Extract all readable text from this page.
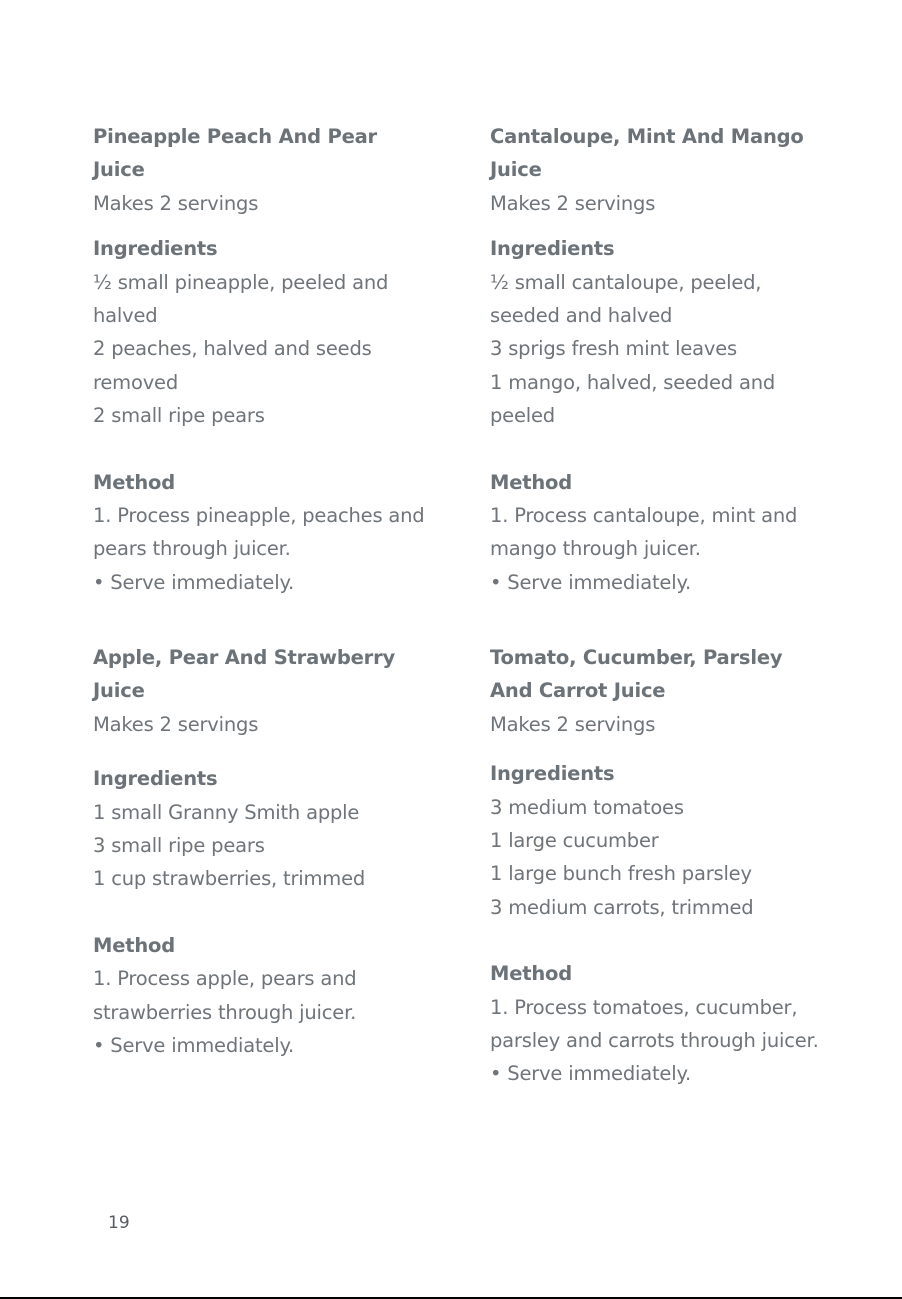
Pineapple Peach And Pear
Juice
Makes 2 servings
Ingredients
½ small pineapple, peeled and
halved
2 peaches, halved and seeds
removed
2 small ripe pears
Method
1. Process pineapple, peaches and
pears through juicer.
• Serve immediately.
Cantaloupe, Mint And Mango
Juice
Makes 2 servings
Ingredients
½ small cantaloupe, peeled,
seeded and halved
3 sprigs fresh mint leaves
1 mango, halved, seeded and
peeled
Method
1. Process cantaloupe, mint and
mango through juicer.
• Serve immediately.
Apple, Pear And Strawberry
Juice
Makes 2 servings
Ingredients
1 small Granny Smith apple
3 small ripe pears
1 cup strawberries, trimmed
Method
1. Process apple, pears and
strawberries through juicer.
• Serve immediately.
Tomato, Cucumber, Parsley
And Carrot Juice
Makes 2 servings
Ingredients
3 medium tomatoes
1 large cucumber
1 large bunch fresh parsley
3 medium carrots, trimmed
Method
1. Process tomatoes, cucumber,
parsley and carrots through juicer.
• Serve immediately.
19
